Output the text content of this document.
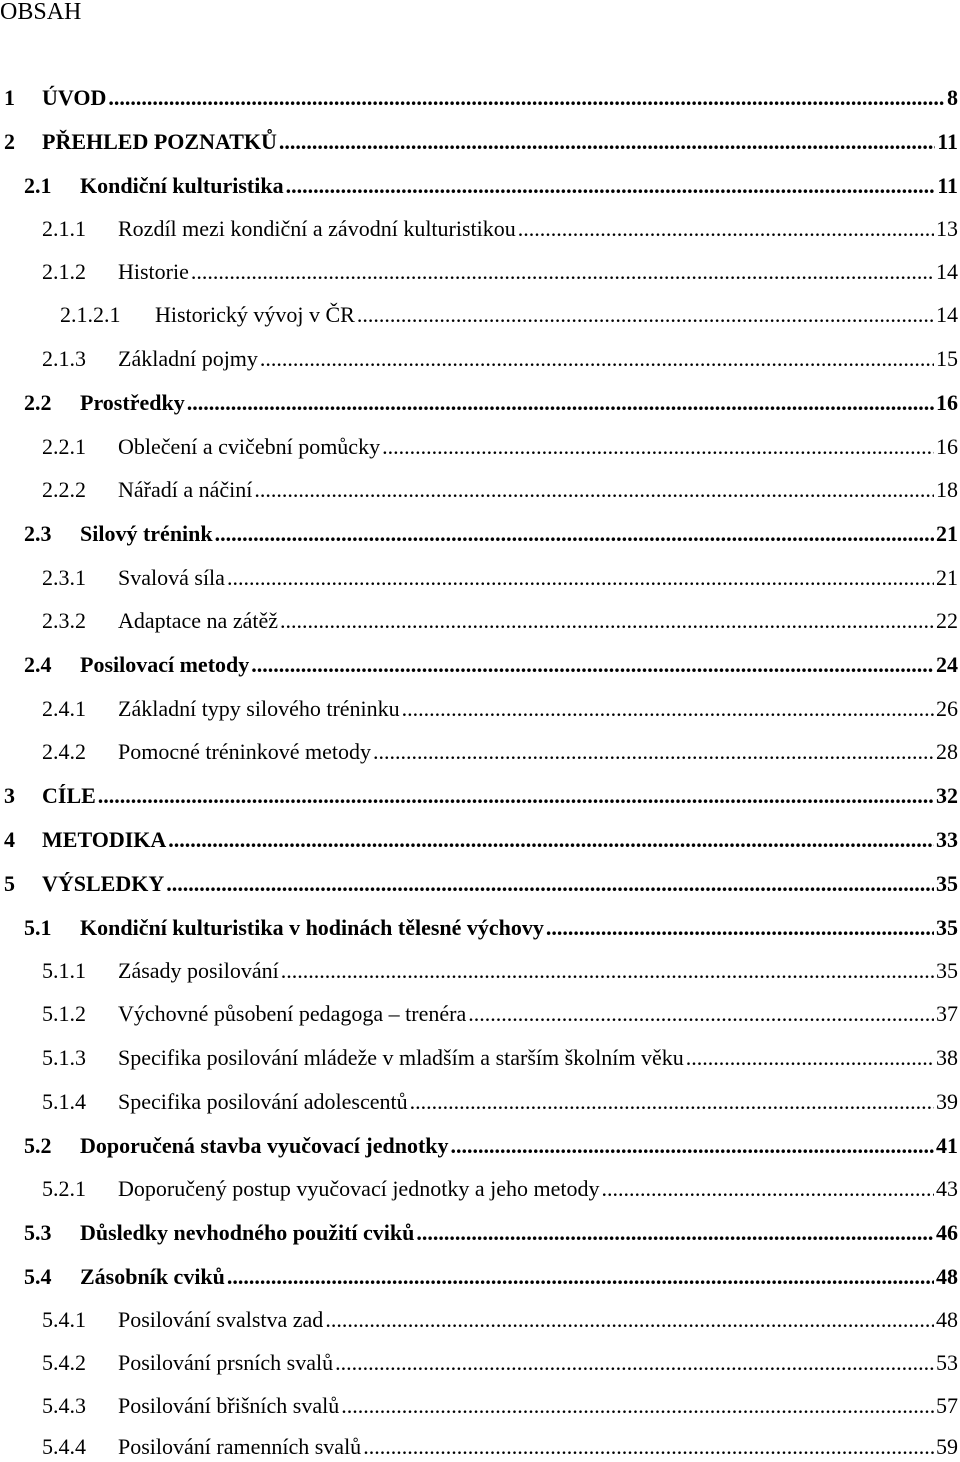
OBSAH
1	ÚVOD .....	8
2	PŘEHLED POZNATKŮ .....	11
2.1	Kondiční kulturistika .....	11
2.1.1	Rozdíl mezi kondiční a závodní kulturistikou .....	13
2.1.2	Historie .....	14
2.1.2.1	Historický vývoj v ČR .....	14
2.1.3	Základní pojmy .....	15
2.2	Prostředky .....	16
2.2.1	Oblečení a cvičební pomůcky .....	16
2.2.2	Nářadí a náčiní .....	18
2.3	Silový trénink .....	21
2.3.1	Svalová síla .....	21
2.3.2	Adaptace na zátěž .....	22
2.4	Posilovací metody .....	24
2.4.1	Základní typy silového tréninku .....	26
2.4.2	Pomocné tréninkové metody .....	28
3	CÍLE .....	32
4	METODIKA .....	33
5	VÝSLEDKY .....	35
5.1	Kondiční kulturistika v hodinách tělesné výchovy .....	35
5.1.1	Zásady posilování .....	35
5.1.2	Výchovné působení pedagoga – trenéra .....	37
5.1.3	Specifika posilování mládeže v mladším a starším školním věku .....	38
5.1.4	Specifika posilování adolescentů .....	39
5.2	Doporučená stavba vyučovací jednotky .....	41
5.2.1	Doporučený postup vyučovací jednotky a jeho metody .....	43
5.3	Důsledky nevhodného použití cviků .....	46
5.4	Zásobník cviků .....	48
5.4.1	Posilování svalstva zad .....	48
5.4.2	Posilování prsních svalů .....	53
5.4.3	Posilování břišních svalů .....	57
5.4.4	Posilování ramenních svalů .....	59
